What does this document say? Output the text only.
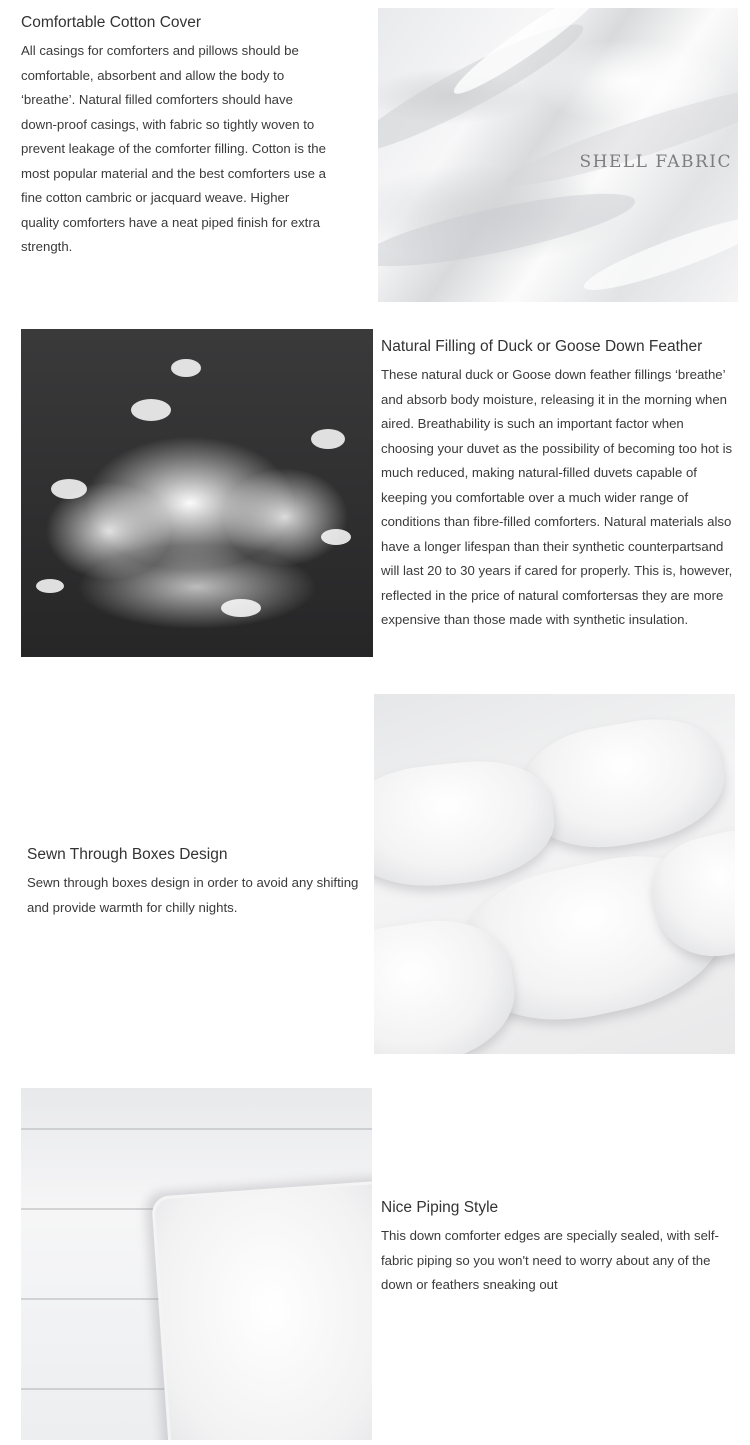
Comfortable Cotton Cover

All casings for comforters and pillows should be comfortable, absorbent and allow the body to ‘breathe’. Natural filled comforters should have down-proof casings, with fabric so tightly woven to prevent leakage of the comforter filling. Cotton is the most popular material and the best comforters use a fine cotton cambric or jacquard weave. Higher quality comforters have a neat piped finish for extra strength.

SHELL FABRIC
Natural Filling of Duck or Goose Down Feather

These natural duck or Goose down feather fillings ‘breathe’ and absorb body moisture, releasing it in the morning when aired. Breathability is such an important factor when choosing your duvet as the possibility of becoming too hot is much reduced, making natural-filled duvets capable of keeping you comfortable over a much wider range of conditions than fibre-filled comforters. Natural materials also have a longer lifespan than their synthetic counterpartsand will last 20 to 30 years if cared for properly. This is, however, reflected in the price of natural comfortersas they are more expensive than those made with synthetic insulation.

Sewn Through Boxes Design

Sewn through boxes design in order to avoid any shifting and provide warmth for chilly nights.

Nice Piping Style

This down comforter edges are specially sealed, with self-fabric piping so you won't need to worry about any of the down or feathers sneaking out
